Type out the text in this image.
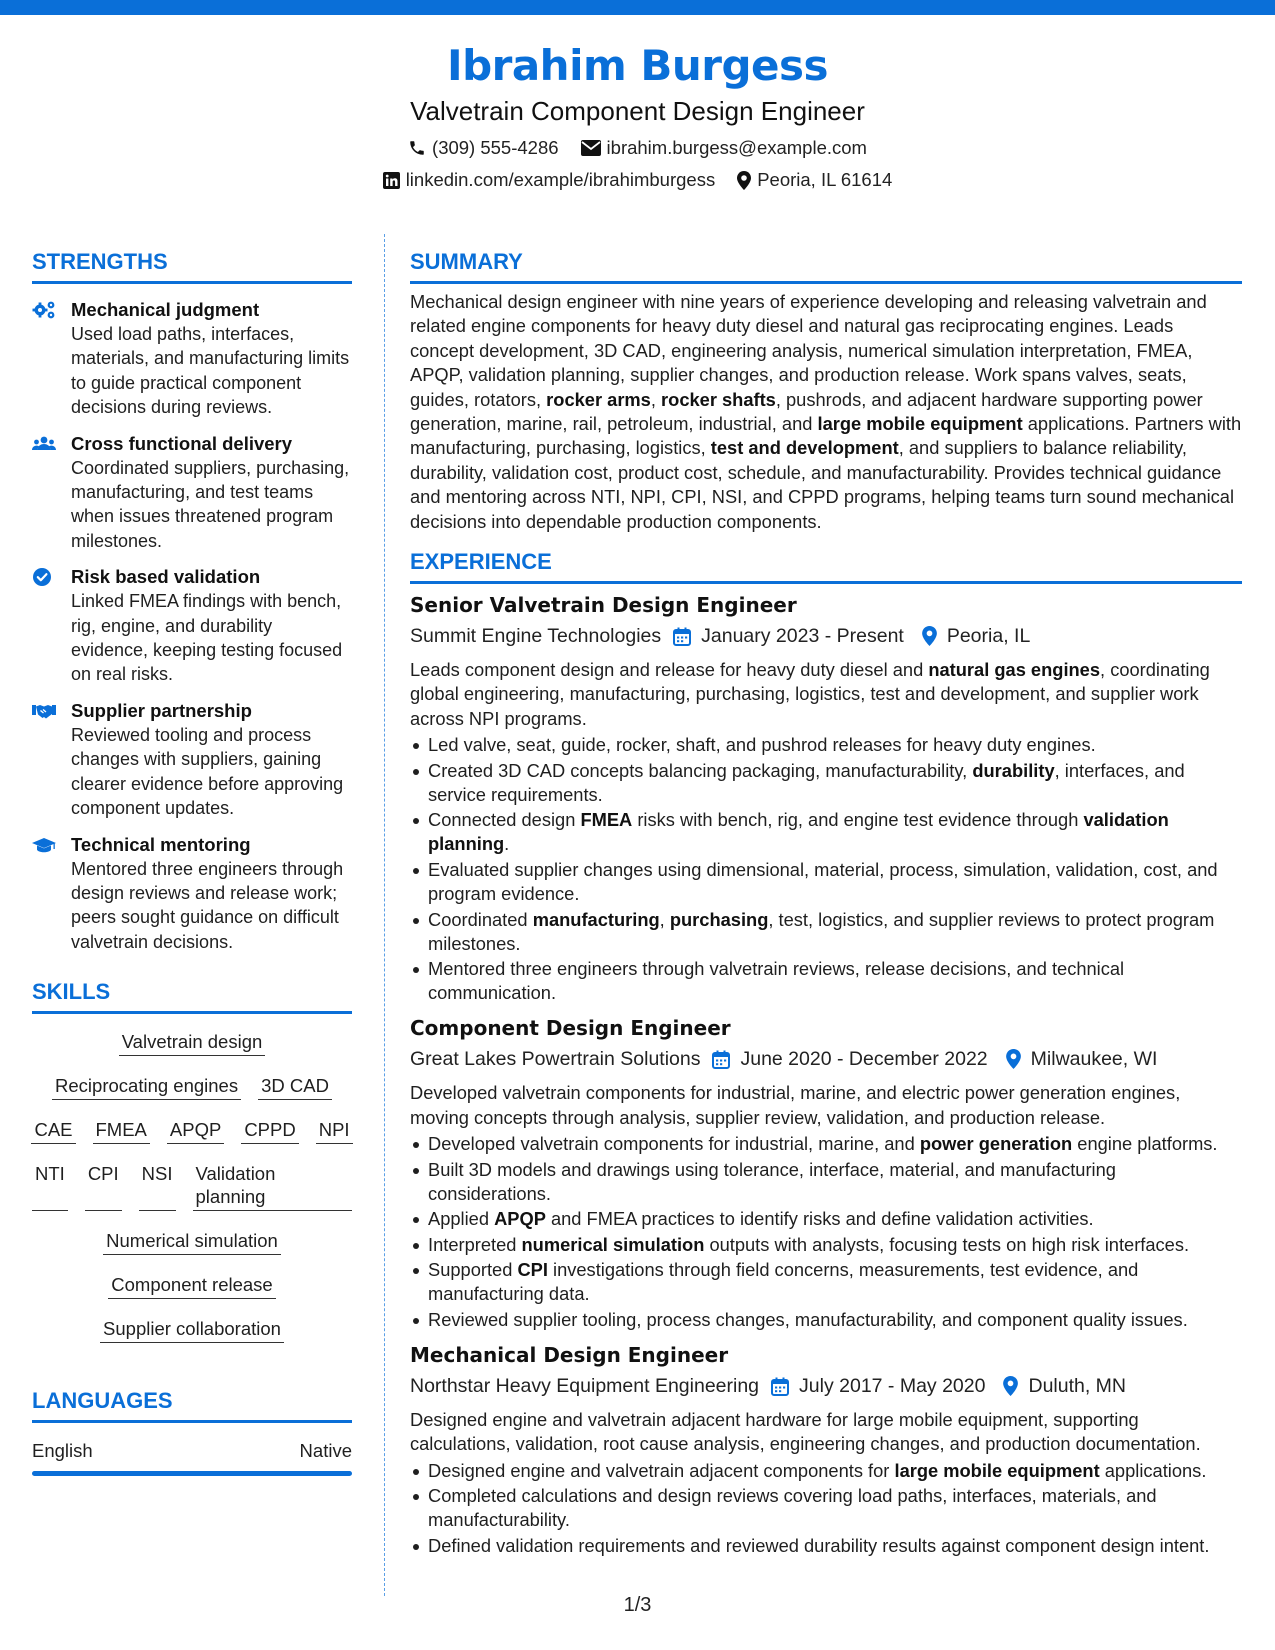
Ibrahim Burgess
Valvetrain Component Design Engineer
(309) 555-4286	ibrahim.burgess@example.com
linkedin.com/example/ibrahimburgess Peoria, IL 61614
STRENGTHS
Mechanical judgment
Used load paths, interfaces, materials, and manufacturing limits to guide practical component decisions during reviews.
Cross functional delivery
Coordinated suppliers, purchasing, manufacturing, and test teams when issues threatened program milestones.
Risk based validation
Linked FMEA findings with bench, rig, engine, and durability evidence, keeping testing focused on real risks.
Supplier partnership
Reviewed tooling and process changes with suppliers, gaining clearer evidence before approving component updates.
Technical mentoring
Mentored three engineers through design reviews and release work; peers sought guidance on difficult valvetrain decisions.
SKILLS
Valvetrain design
Reciprocating engines 3D CAD
CAE FMEA APQP CPPD NPI
NTI CPI NSI Validation planning
Numerical simulation
Component release
Supplier collaboration
LANGUAGES
English	Native
SUMMARY
Mechanical design engineer with nine years of experience developing and releasing valvetrain and related engine components for heavy duty diesel and natural gas reciprocating engines. Leads concept development, 3D CAD, engineering analysis, numerical simulation interpretation, FMEA, APQP, validation planning, supplier changes, and production release. Work spans valves, seats, guides, rotators, rocker arms, rocker shafts, pushrods, and adjacent hardware supporting power generation, marine, rail, petroleum, industrial, and large mobile equipment applications. Partners with manufacturing, purchasing, logistics, test and development, and suppliers to balance reliability, durability, validation cost, product cost, schedule, and manufacturability. Provides technical guidance and mentoring across NTI, NPI, CPI, NSI, and CPPD programs, helping teams turn sound mechanical decisions into dependable production components.
EXPERIENCE
Senior Valvetrain Design Engineer
Summit Engine Technologies January 2023 - Present Peoria, IL
Leads component design and release for heavy duty diesel and natural gas engines, coordinating global engineering, manufacturing, purchasing, logistics, test and development, and supplier work across NPI programs.
Led valve, seat, guide, rocker, shaft, and pushrod releases for heavy duty engines.
Created 3D CAD concepts balancing packaging, manufacturability, durability, interfaces, and service requirements.
Connected design FMEA risks with bench, rig, and engine test evidence through validation planning.
Evaluated supplier changes using dimensional, material, process, simulation, validation, cost, and program evidence.
Coordinated manufacturing, purchasing, test, logistics, and supplier reviews to protect program milestones.
Mentored three engineers through valvetrain reviews, release decisions, and technical communication.
Component Design Engineer
Great Lakes Powertrain Solutions June 2020 - December 2022 Milwaukee, WI
Developed valvetrain components for industrial, marine, and electric power generation engines, moving concepts through analysis, supplier review, validation, and production release.
Developed valvetrain components for industrial, marine, and power generation engine platforms.
Built 3D models and drawings using tolerance, interface, material, and manufacturing considerations.
Applied APQP and FMEA practices to identify risks and define validation activities.
Interpreted numerical simulation outputs with analysts, focusing tests on high risk interfaces.
Supported CPI investigations through field concerns, measurements, test evidence, and manufacturing data.
Reviewed supplier tooling, process changes, manufacturability, and component quality issues.
Mechanical Design Engineer
Northstar Heavy Equipment Engineering July 2017 - May 2020 Duluth, MN
Designed engine and valvetrain adjacent hardware for large mobile equipment, supporting calculations, validation, root cause analysis, engineering changes, and production documentation.
Designed engine and valvetrain adjacent components for large mobile equipment applications.
Completed calculations and design reviews covering load paths, interfaces, materials, and manufacturability.
Defined validation requirements and reviewed durability results against component design intent.
1/3
